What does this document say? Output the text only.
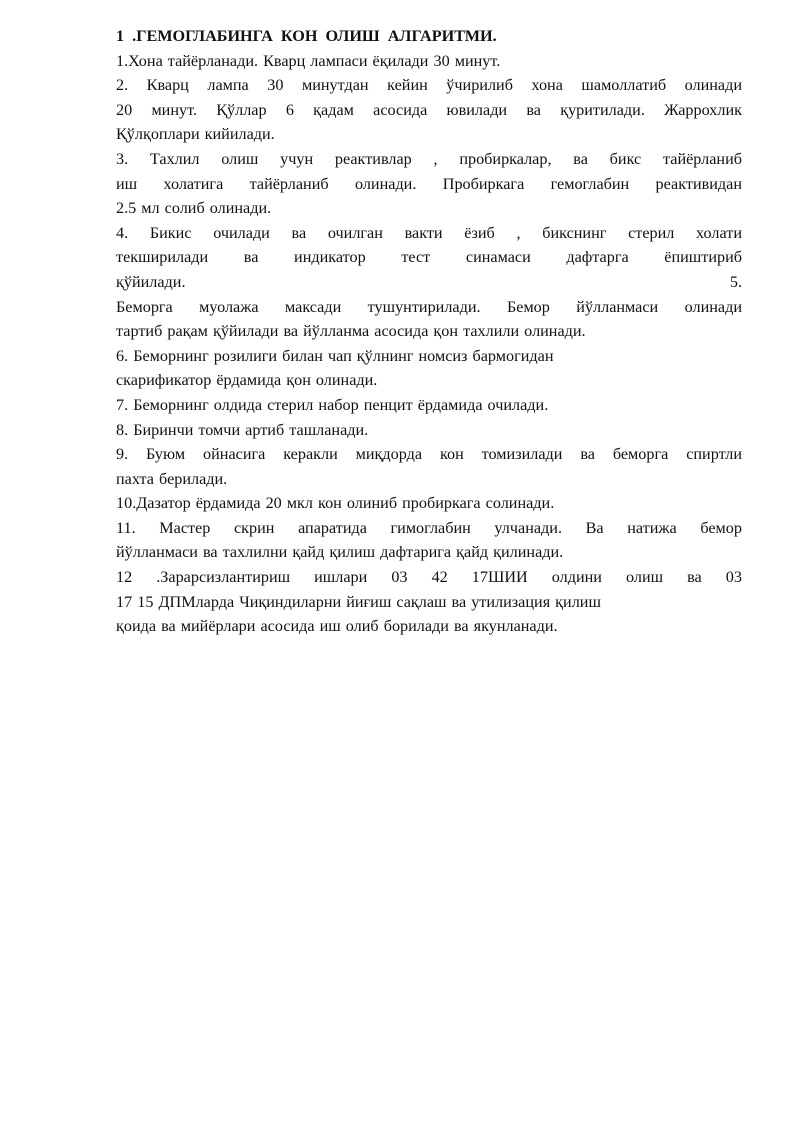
1 .ГЕМОГЛАБИНГА КОН ОЛИШ АЛГАРИТМИ.
1.Хона тайёрланади. Кварц лампаси ёқилади 30 минут.
2. Кварц лампа 30 минутдан кейин ўчирилиб хона шамоллатиб олинади
20 минут. Қўллар 6 қадам асосида ювилади ва қуритилади. Жаррохлик
Қўлқоплари кийилади.
3. Тахлил олиш учун реактивлар , пробиркалар, ва бикс тайёрланиб
иш холатига тайёрланиб олинади. Пробиркага гемоглабин реактивидан
2.5 мл солиб олинади.
4. Бикис очилади ва очилган вакти ёзиб , бикснинг стерил холати
текширилади ва индикатор тест синамаси дафтарга ёпиштириб
қўйилади. 5.
Беморга муолажа максади тушунтирилади. Бемор йўлланмаси олинади
тартиб рақам қўйилади ва йўлланма асосида қон тахлили олинади.
6. Беморнинг розилиги билан чап қўлнинг номсиз бармогидан
скарификатор ёрдамида қон олинади.
7. Беморнинг олдида стерил набор пенцит ёрдамида очилади.
8. Биринчи томчи артиб ташланади.
9. Буюм ойнасига керакли миқдорда кон томизилади ва беморга спиртли
пахта берилади.
10.Дазатор ёрдамида 20 мкл кон олиниб пробиркага солинади.
11. Мастер скрин апаратида гимоглабин улчанади. Ва натижа бемор
йўлланмаси ва тахлилни қайд қилиш дафтарига қайд қилинади.
12 .Зарарсизлантириш ишлари 03 42 17ШИИ олдини олиш ва 03
17 15 ДПМларда Чиқиндиларни йиғиш сақлаш ва утилизация қилиш
қоида ва мийёрлари асосида иш олиб борилади ва якунланади.
